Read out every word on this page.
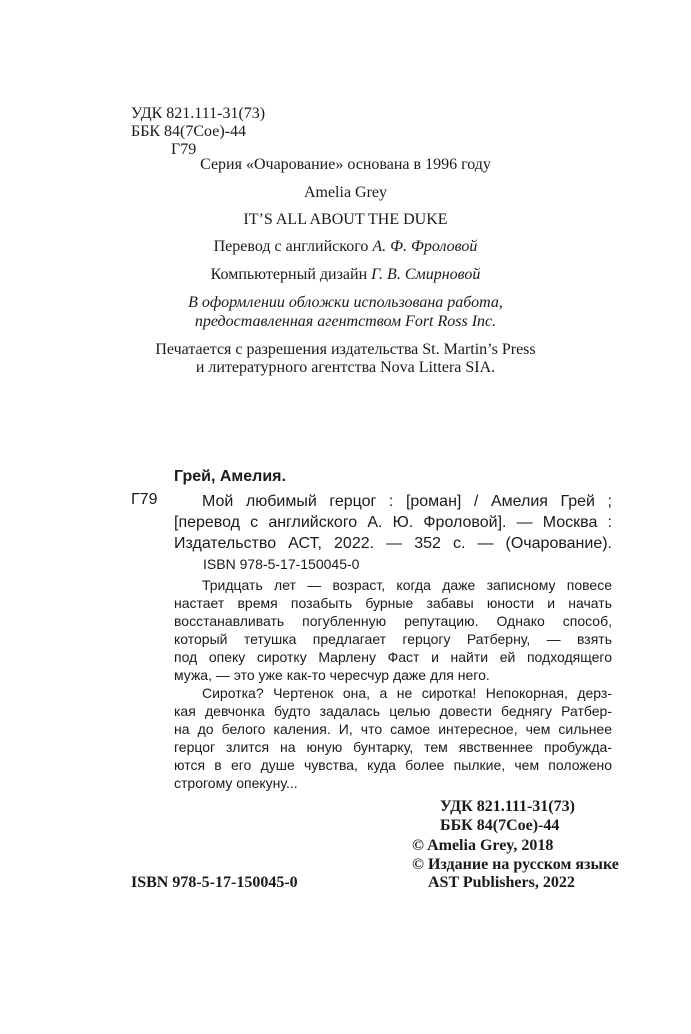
УДК 821.111-31(73)
ББК 84(7Сое)-44
Г79
Серия «Очарование» основана в 1996 году
Amelia Grey
IT’S ALL ABOUT THE DUKE
Перевод с английского А. Ф. Фроловой
Компьютерный дизайн Г. В. Смирновой
В оформлении обложки использована работа,
предоставленная агентством Fort Ross Inc.
Печатается с разрешения издательства St. Martin’s Press
и литературного агентства Nova Littera SIA.
Грей, Амелия.
Г79	Мой любимый герцог : [роман] / Амелия Грей ;
[перевод с английского А. Ю. Фроловой]. — Москва :
Издательство АСТ, 2022. — 352 с. — (Очарование).
ISBN 978-5-17-150045-0
Тридцать лет — возраст, когда даже записному повесе
настает время позабыть бурные забавы юности и начать
восстанавливать погубленную репутацию. Однако способ,
который тетушка предлагает герцогу Ратберну, — взять
под опеку сиротку Марлену Фаст и найти ей подходящего
мужа, — это уже как-то чересчур даже для него.
Сиротка? Чертенок она, а не сиротка! Непокорная, дерз-
кая девчонка будто задалась целью довести беднягу Ратбер-
на до белого каления. И, что самое интересное, чем сильнее
герцог злится на юную бунтарку, тем явственнее пробужда-
ются в его душе чувства, куда более пылкие, чем положено
строгому опекуну...
УДК 821.111-31(73)
ББК 84(7Сое)-44
© Amelia Grey, 2018
© Издание на русском языке
AST Publishers, 2022
ISBN 978-5-17-150045-0
